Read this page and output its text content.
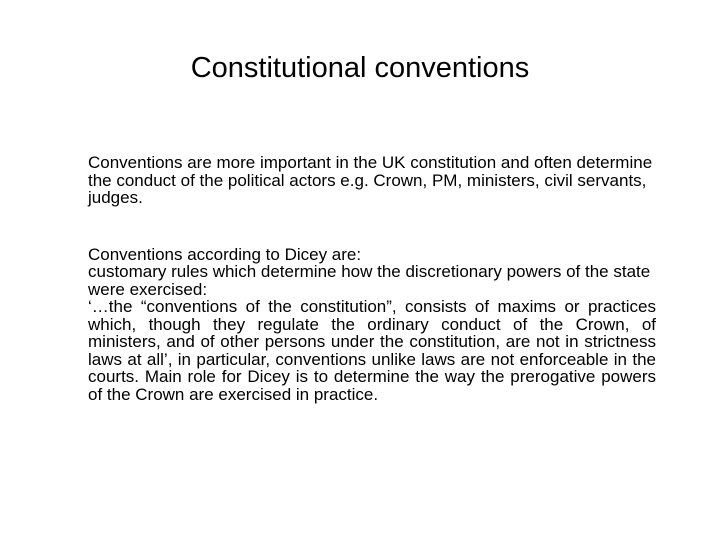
Constitutional conventions

Conventions are more important in the UK constitution and often determine the conduct of the political actors e.g. Crown, PM, ministers, civil servants, judges.

Conventions according to Dicey are:
customary rules which determine how the discretionary powers of the state were exercised:
‘…the “conventions of the constitution”, consists of maxims or practices which, though they regulate the ordinary conduct of the Crown, of ministers, and of other persons under the constitution, are not in strictness laws at all’, in particular, conventions unlike laws are not enforceable in the courts. Main role for Dicey is to determine the way the prerogative powers of the Crown are exercised in practice.
